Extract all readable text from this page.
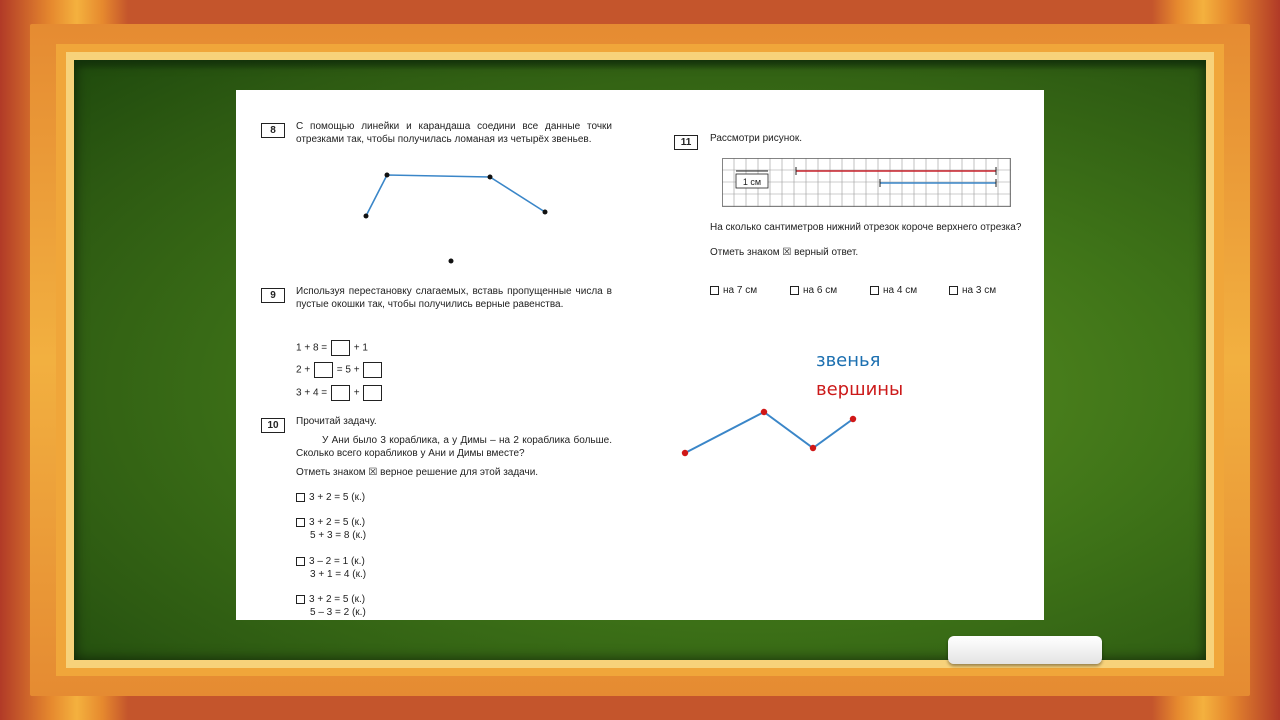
8	С помощью линейки и карандаша соедини все данные точки отрезками так, чтобы получилась ломаная из четырёх звеньев.
9	Используя перестановку слагаемых, вставь пропущенные числа в пустые окошки так, чтобы получились верные равенства.
1 + 8 =	+ 1
2 +	= 5 +
3 + 4 =	+
10	Прочитай задачу.
У Ани было 3 кораблика, а у Димы – на 2 кораблика больше. Сколько всего корабликов у Ани и Димы вместе?
Отметь знаком ☒ верное решение для этой задачи.
3 + 2 = 5 (к.)
3 + 2 = 5 (к.)
5 + 3 = 8 (к.)
3 – 2 = 1 (к.)
3 + 1 = 4 (к.)
3 + 2 = 5 (к.)
5 – 3 = 2 (к.)
11	Рассмотри рисунок.
1 см
На сколько сантиметров нижний отрезок короче верхнего отрезка?
Отметь знаком ☒ верный ответ.
на 7 см	на 6 см	на 4 см	на 3 см
звенья
вершины
